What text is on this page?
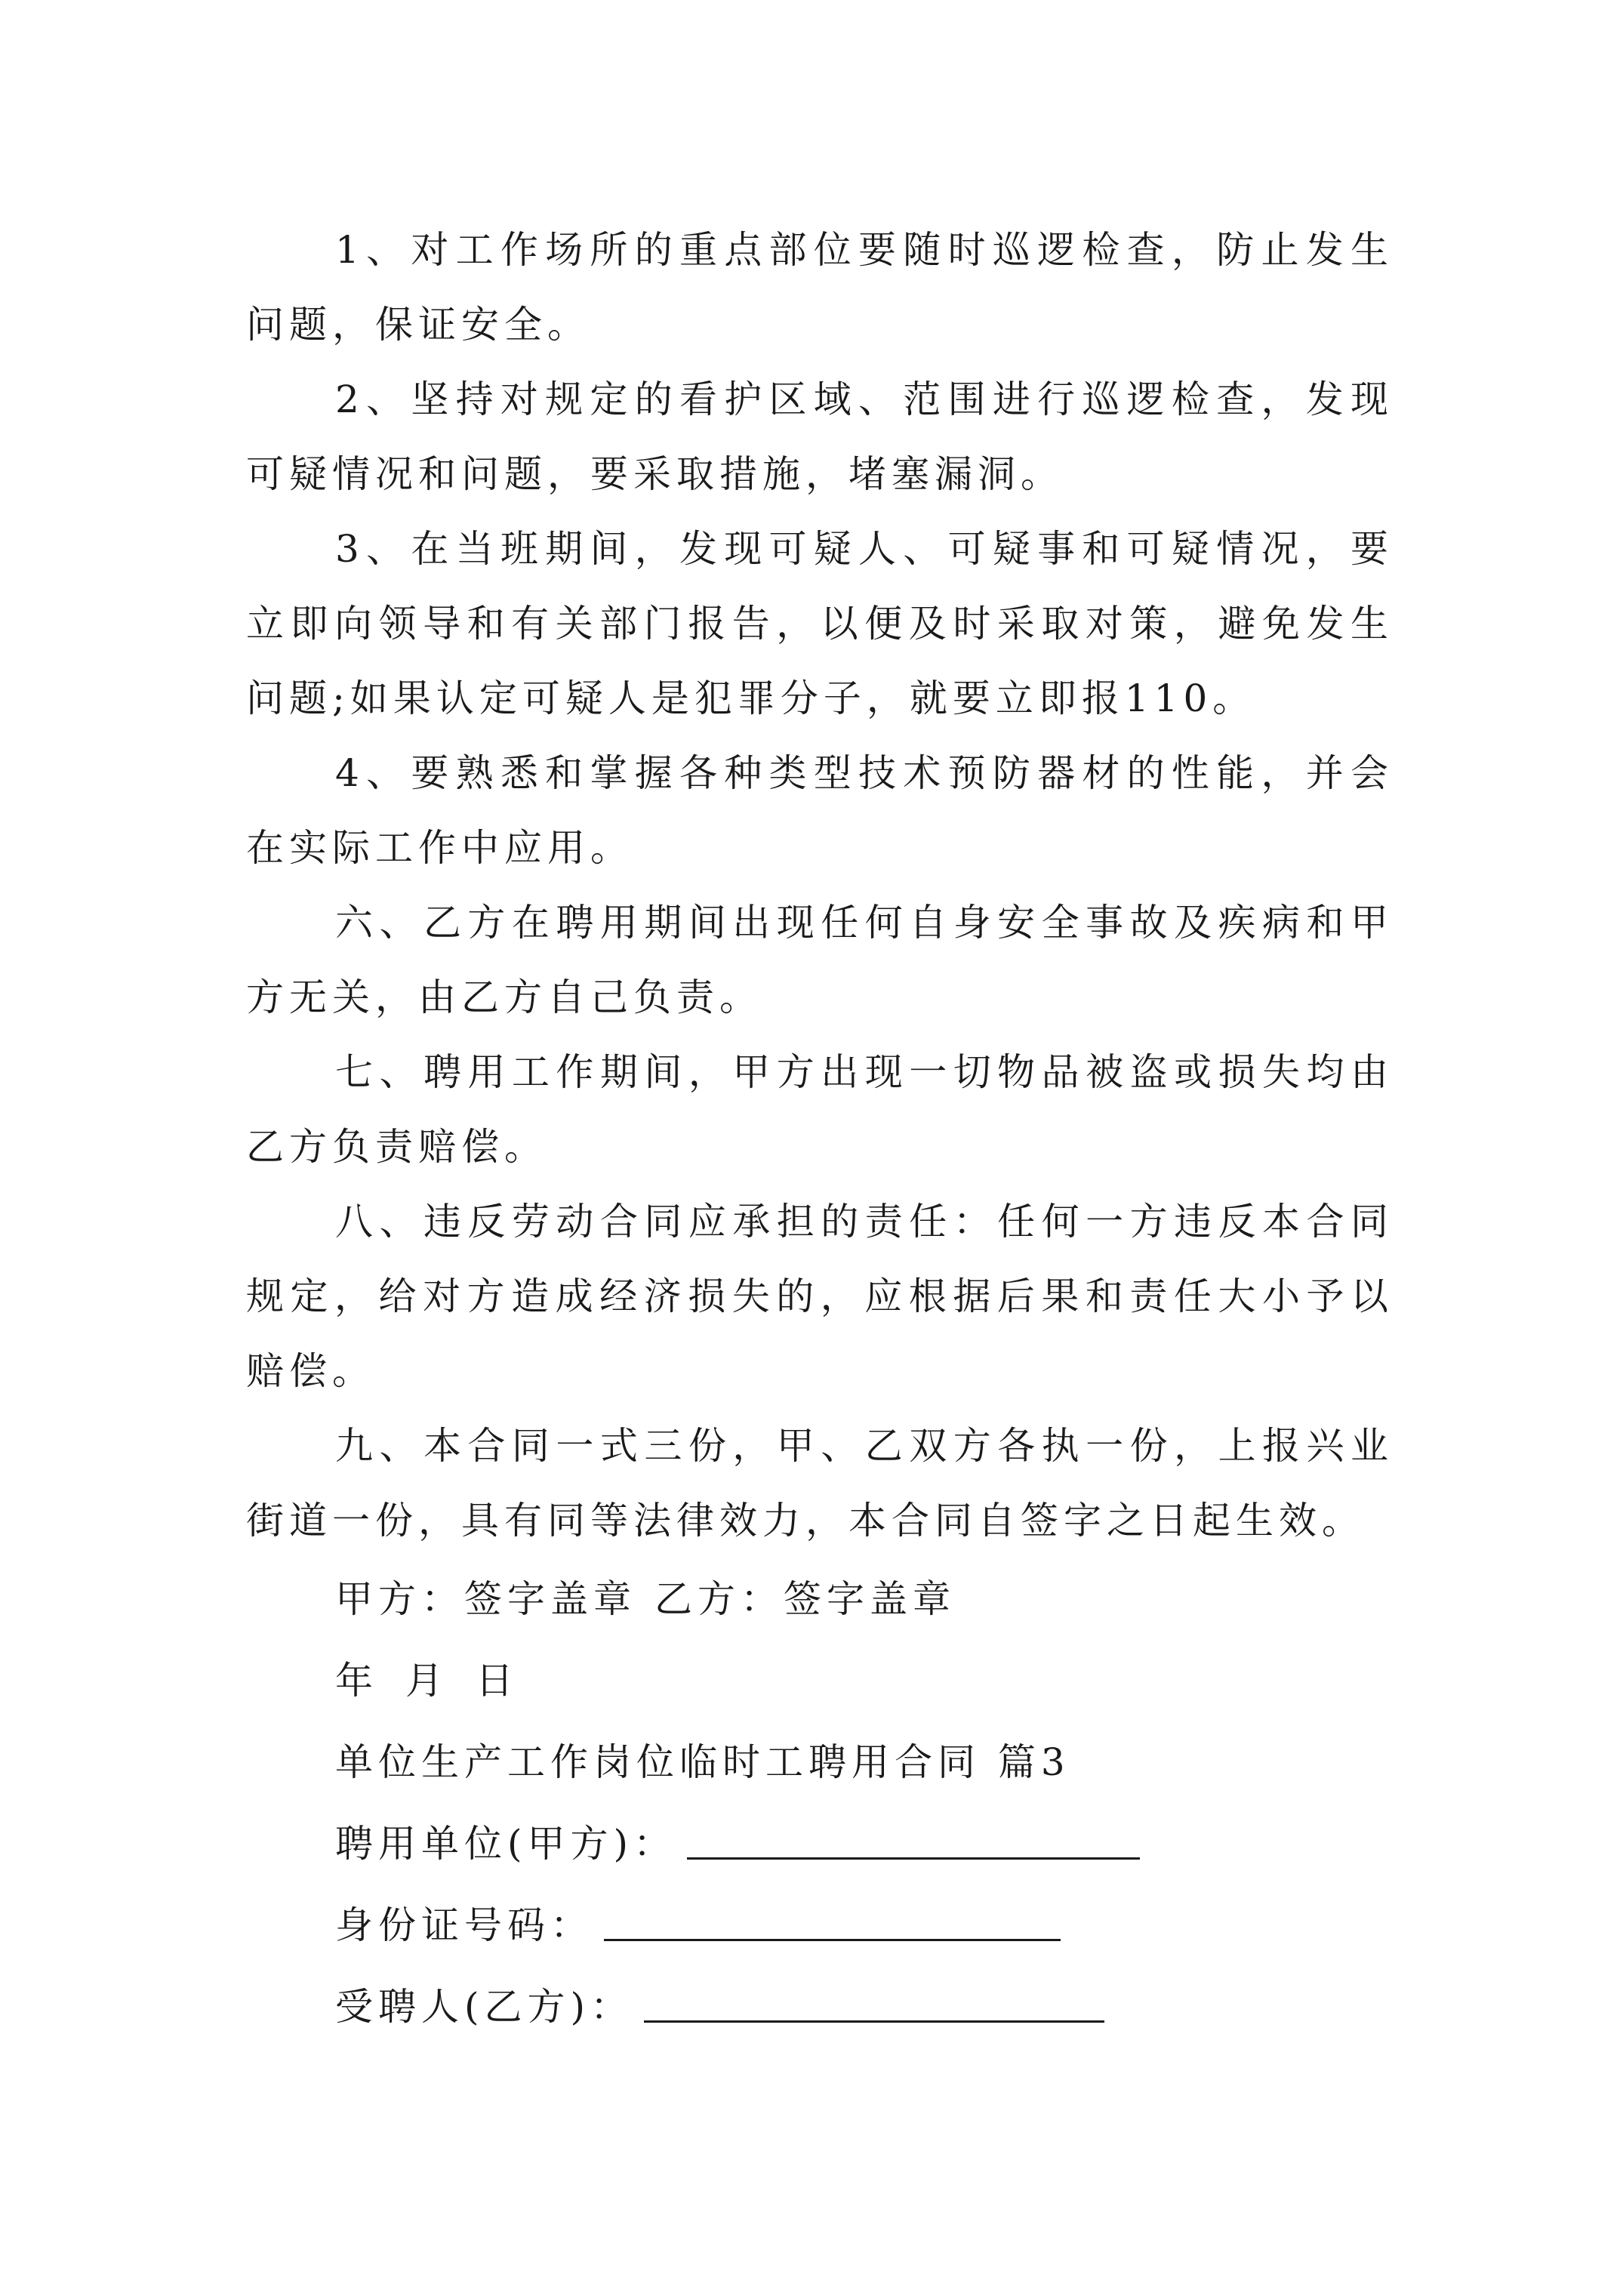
1、对工作场所的重点部位要随时巡逻检查，防止发生问题，保证安全。

2、坚持对规定的看护区域、范围进行巡逻检查，发现可疑情况和问题，要采取措施，堵塞漏洞。

3、在当班期间，发现可疑人、可疑事和可疑情况，要立即向领导和有关部门报告，以便及时采取对策，避免发生问题;如果认定可疑人是犯罪分子，就要立即报110。

4、要熟悉和掌握各种类型技术预防器材的性能，并会在实际工作中应用。

六、乙方在聘用期间出现任何自身安全事故及疾病和甲方无关，由乙方自己负责。

七、聘用工作期间，甲方出现一切物品被盗或损失均由乙方负责赔偿。

八、违反劳动合同应承担的责任：任何一方违反本合同规定，给对方造成经济损失的，应根据后果和责任大小予以赔偿。

九、本合同一式三份，甲、乙双方各执一份，上报兴业街道一份，具有同等法律效力，本合同自签字之日起生效。

甲方：签字盖章 乙方：签字盖章
年 月 日
单位生产工作岗位临时工聘用合同 篇3
聘用单位(甲方)：
身份证号码：
受聘人(乙方)：
